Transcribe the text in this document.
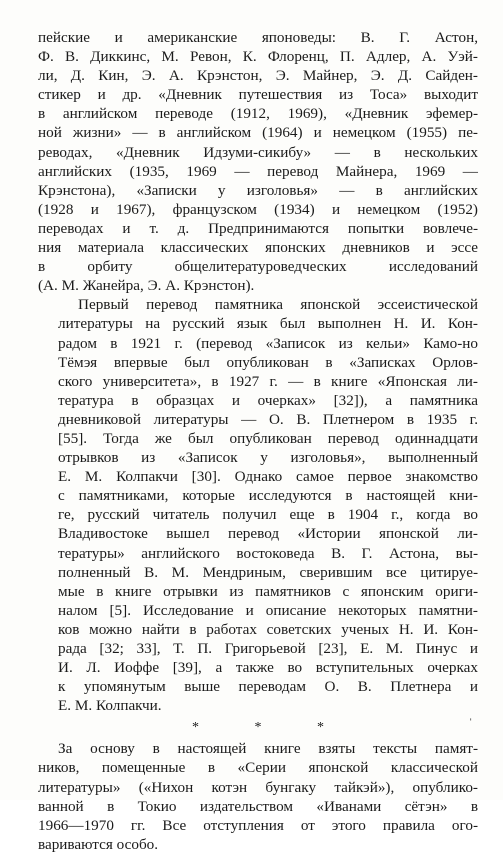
пейские и американские японоведы: В. Г. Астон,
Ф. В. Диккинс, М. Ревон, К. Флоренц, П. Адлер, А. Уэй-
ли, Д. Кин, Э. А. Крэнстон, Э. Майнер, Э. Д. Сайден-
стикер и др. «Дневник путешествия из Тоса» выходит
в английском переводе (1912, 1969), «Дневник эфемер-
ной жизни» — в английском (1964) и немецком (1955) пе-
реводах, «Дневник Идзуми-сикибу» — в нескольких
английских (1935, 1969 — перевод Майнера, 1969 —
Крэнстона), «Записки у изголовья» — в английских
(1928 и 1967), французском (1934) и немецком (1952)
переводах и т. д. Предпринимаются попытки вовлече-
ния материала классических японских дневников и эссе
в орбиту общелитературоведческих исследований
(А. М. Жанейра, Э. А. Крэнстон).
Первый перевод памятника японской эссеистической
литературы на русский язык был выполнен Н. И. Кон-
радом в 1921 г. (перевод «Записок из кельи» Камо-но
Тёмэя впервые был опубликован в «Записках Орлов-
ского университета», в 1927 г. — в книге «Японская ли-
тература в образцах и очерках» [32]), а памятника
дневниковой литературы — О. В. Плетнером в 1935 г.
[55]. Тогда же был опубликован перевод одиннадцати
отрывков из «Записок у изголовья», выполненный
Е. М. Колпакчи [30]. Однако самое первое знакомство
с памятниками, которые исследуются в настоящей кни-
ге, русский читатель получил еще в 1904 г., когда во
Владивостоке вышел перевод «Истории японской ли-
тературы» английского востоковеда В. Г. Астона, вы-
полненный В. М. Мендриным, сверившим все цитируе-
мые в книге отрывки из памятников с японским ориги-
налом [5]. Исследование и описание некоторых памятни-
ков можно найти в работах советских ученых Н. И. Кон-
рада [32; 33], Т. П. Григорьевой [23], Е. М. Пинус и
И. Л. Иоффе [39], а также во вступительных очерках
к упомянутым выше переводам О. В. Плетнера и
Е. М. Колпакчи.
* * *
За основу в настоящей книге взяты тексты памят-
ников, помещенные в «Серии японской классической
литературы» («Нихон котэн бунгаку тайкэй»), опублико-
ванной в Токио издательством «Иванами сётэн» в
1966—1970 гг. Все отступления от этого правила ого-
вариваются особо.
ˈ
